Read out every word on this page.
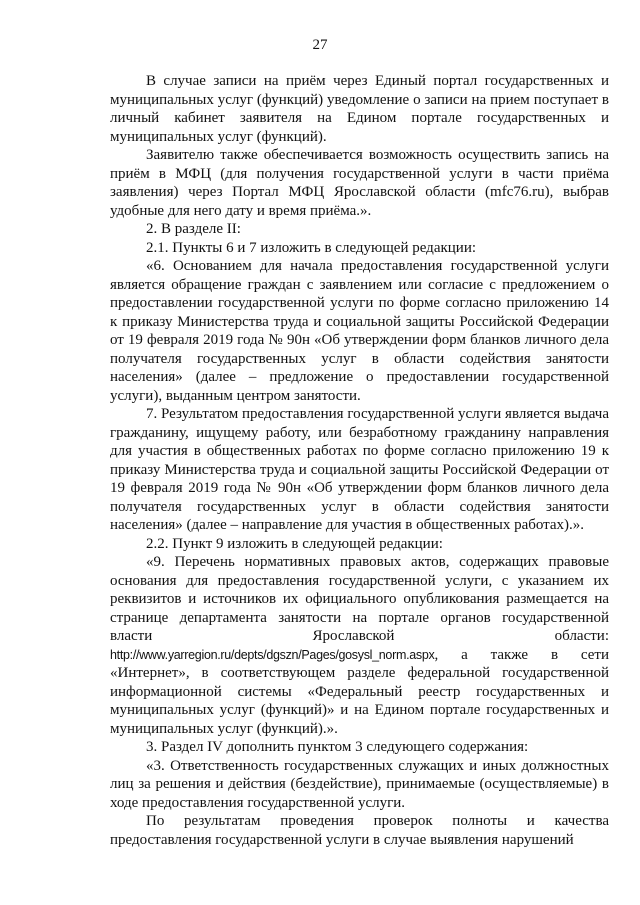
27

В случае записи на приём через Единый портал государственных и муниципальных услуг (функций) уведомление о записи на прием поступает в личный кабинет заявителя на Едином портале государственных и муниципальных услуг (функций).

Заявителю также обеспечивается возможность осуществить запись на приём в МФЦ (для получения государственной услуги в части приёма заявления) через Портал МФЦ Ярославской области (mfc76.ru), выбрав удобные для него дату и время приёма.».

2. В разделе II:

2.1. Пункты 6 и 7 изложить в следующей редакции:

«6. Основанием для начала предоставления государственной услуги является обращение граждан с заявлением или согласие с предложением о предоставлении государственной услуги по форме согласно приложению 14 к приказу Министерства труда и социальной защиты Российской Федерации от 19 февраля 2019 года № 90н «Об утверждении форм бланков личного дела получателя государственных услуг в области содействия занятости населения» (далее – предложение о предоставлении государственной услуги), выданным центром занятости.

7. Результатом предоставления государственной услуги является выдача гражданину, ищущему работу, или безработному гражданину направления для участия в общественных работах по форме согласно приложению 19 к приказу Министерства труда и социальной защиты Российской Федерации от 19 февраля 2019 года № 90н «Об утверждении форм бланков личного дела получателя государственных услуг в области содействия занятости населения» (далее – направление для участия в общественных работах).».

2.2. Пункт 9 изложить в следующей редакции:

«9. Перечень нормативных правовых актов, содержащих правовые основания для предоставления государственной услуги, с указанием их реквизитов и источников их официального опубликования размещается на странице департамента занятости на портале органов государственной власти Ярославской области: http://www.yarregion.ru/depts/dgszn/Pages/gosysl_norm.aspx, а также в сети «Интернет», в соответствующем разделе федеральной государственной информационной системы «Федеральный реестр государственных и муниципальных услуг (функций)» и на Едином портале государственных и муниципальных услуг (функций).».

3. Раздел IV дополнить пунктом 3 следующего содержания:

«3. Ответственность государственных служащих и иных должностных лиц за решения и действия (бездействие), принимаемые (осуществляемые) в ходе предоставления государственной услуги.

По результатам проведения проверок полноты и качества предоставления государственной услуги в случае выявления нарушений
